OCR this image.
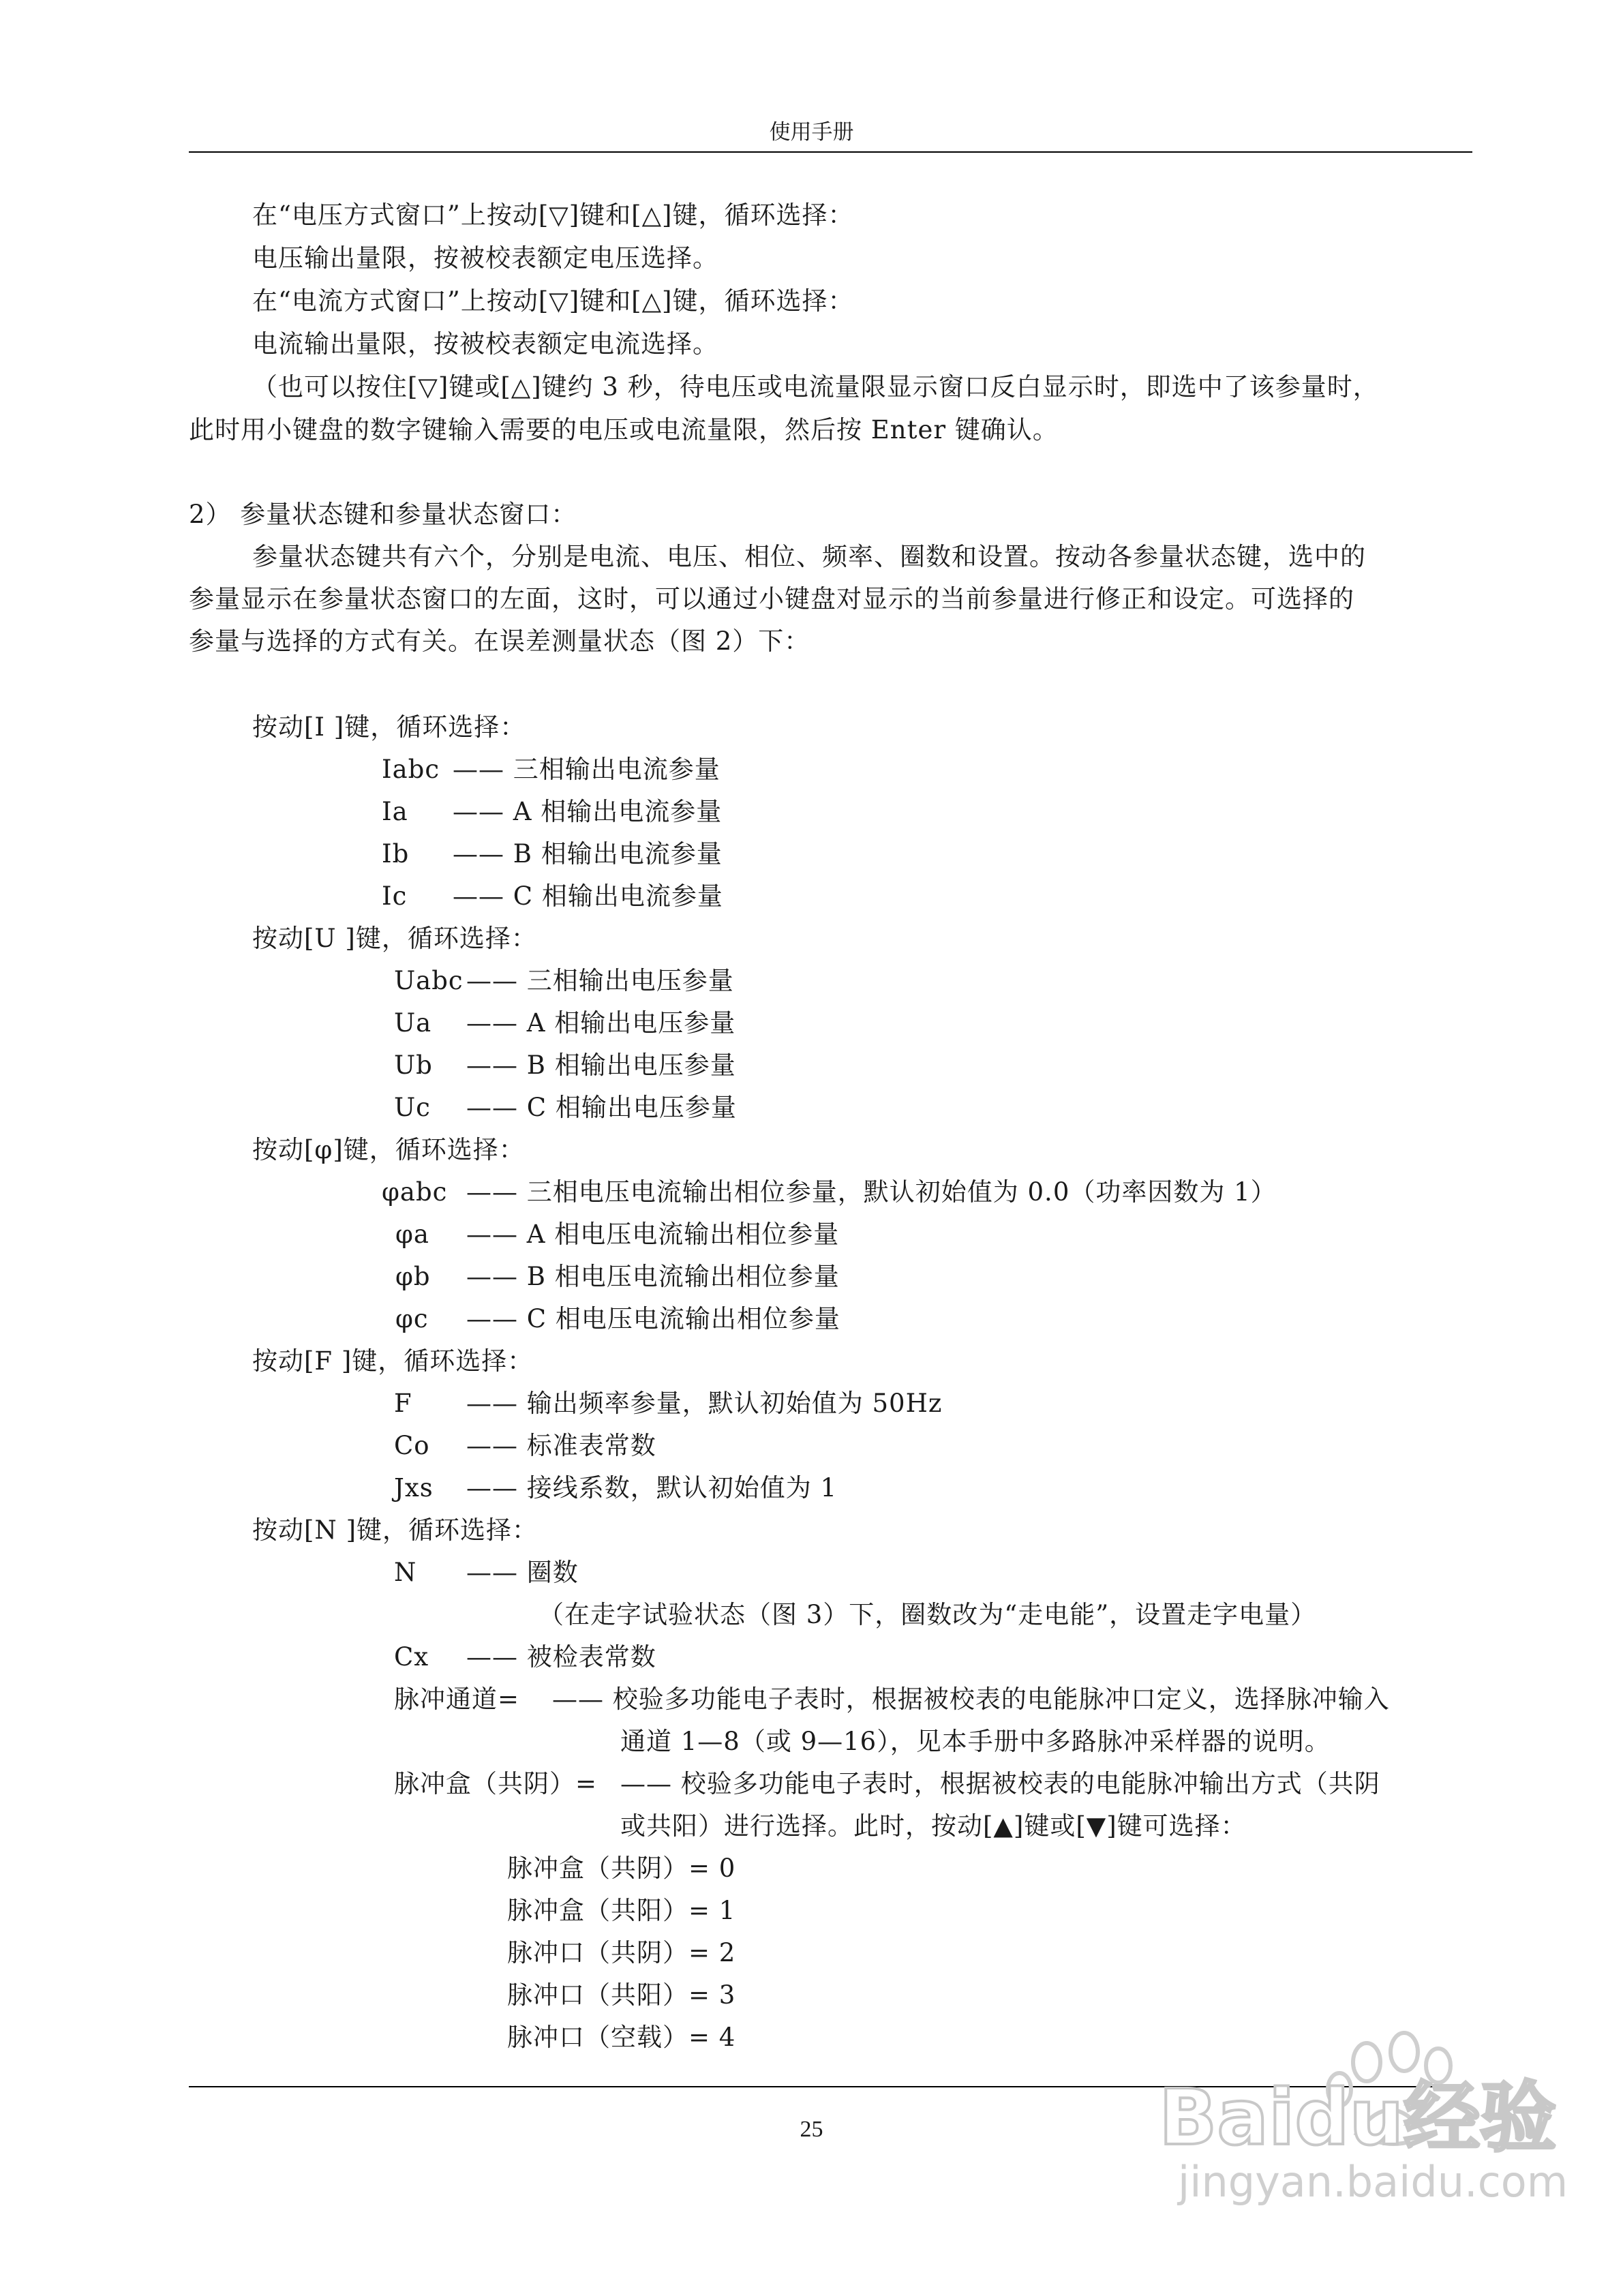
使用手册
在“电压方式窗口”上按动[▽]键和[△]键，循环选择：
电压输出量限，按被校表额定电压选择。
在“电流方式窗口”上按动[▽]键和[△]键，循环选择：
电流输出量限，按被校表额定电流选择。
（也可以按住[▽]键或[△]键约 3 秒，待电压或电流量限显示窗口反白显示时，即选中了该参量时，
此时用小键盘的数字键输入需要的电压或电流量限，然后按 Enter 键确认。
2） 参量状态键和参量状态窗口：
参量状态键共有六个，分别是电流、电压、相位、频率、圈数和设置。按动各参量状态键，选中的
参量显示在参量状态窗口的左面，这时，可以通过小键盘对显示的当前参量进行修正和设定。可选择的
参量与选择的方式有关。在误差测量状态（图 2）下：
按动[I ]键，循环选择：
Iabc —— 三相输出电流参量
Ia —— A 相输出电流参量
Ib —— B 相输出电流参量
Ic —— C 相输出电流参量
按动[U ]键，循环选择：
Uabc —— 三相输出电压参量
Ua —— A 相输出电压参量
Ub —— B 相输出电压参量
Uc —— C 相输出电压参量
按动[φ]键，循环选择：
φabc —— 三相电压电流输出相位参量，默认初始值为 0.0（功率因数为 1）
φa —— A 相电压电流输出相位参量
φb —— B 相电压电流输出相位参量
φc —— C 相电压电流输出相位参量
按动[F ]键，循环选择：
F —— 输出频率参量，默认初始值为 50Hz
Co —— 标准表常数
Jxs —— 接线系数，默认初始值为 1
按动[N ]键，循环选择：
N —— 圈数
（在走字试验状态（图 3）下，圈数改为“走电能”，设置走字电量）
Cx —— 被检表常数
脉冲通道= —— 校验多功能电子表时，根据被校表的电能脉冲口定义，选择脉冲输入
通道 1—8（或 9—16），见本手册中多路脉冲采样器的说明。
脉冲盒（共阴）= —— 校验多功能电子表时，根据被校表的电能脉冲输出方式（共阴
或共阳）进行选择。此时，按动[▲]键或[▼]键可选择：
脉冲盒（共阴）= 0
脉冲盒（共阳）= 1
脉冲口（共阴）= 2
脉冲口（共阳）= 3
脉冲口（空载）= 4
25	Baidu经验
jingyan.baidu.com
